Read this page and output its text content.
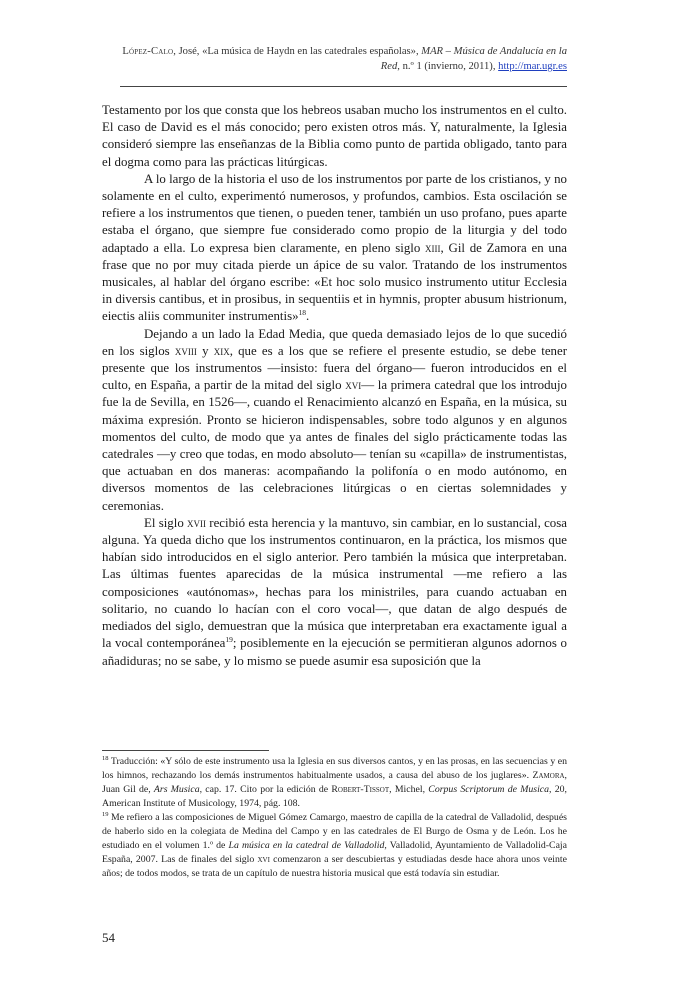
López-Calo, José, «La música de Haydn en las catedrales españolas», MAR – Música de Andalucía en la Red, n.º 1 (invierno, 2011), http://mar.ugr.es

Testamento por los que consta que los hebreos usaban mucho los instrumentos en el culto. El caso de David es el más conocido; pero existen otros más. Y, naturalmente, la Iglesia consideró siempre las enseñanzas de la Biblia como punto de partida obligado, tanto para el dogma como para las prácticas litúrgicas.

A lo largo de la historia el uso de los instrumentos por parte de los cristianos, y no solamente en el culto, experimentó numerosos, y profundos, cambios. Esta oscilación se refiere a los instrumentos que tienen, o pueden tener, también un uso profano, pues aparte estaba el órgano, que siempre fue considerado como propio de la liturgia y del todo adaptado a ella. Lo expresa bien claramente, en pleno siglo xiii, Gil de Zamora en una frase que no por muy citada pierde un ápice de su valor. Tratando de los instrumentos musicales, al hablar del órgano escribe: «Et hoc solo musico instrumento utitur Ecclesia in diversis cantibus, et in prosibus, in sequentiis et in hymnis, propter abusum histrionum, eiectis aliis communiter instrumentis»$^{18}$.

Dejando a un lado la Edad Media, que queda demasiado lejos de lo que sucedió en los siglos xviii y xix, que es a los que se refiere el presente estudio, se debe tener presente que los instrumentos —insisto: fuera del órgano— fueron introducidos en el culto, en España, a partir de la mitad del siglo xvi— la primera catedral que los introdujo fue la de Sevilla, en 1526—, cuando el Renacimiento alcanzó en España, en la música, su máxima expresión. Pronto se hicieron indispensables, sobre todo algunos y en algunos momentos del culto, de modo que ya antes de finales del siglo prácticamente todas las catedrales —y creo que todas, en modo absoluto— tenían su «capilla» de instrumentistas, que actuaban en dos maneras: acompañando la polifonía o en modo autónomo, en diversos momentos de las celebraciones litúrgicas o en ciertas solemnidades y ceremonias.

El siglo xvii recibió esta herencia y la mantuvo, sin cambiar, en lo sustancial, cosa alguna. Ya queda dicho que los instrumentos continuaron, en la práctica, los mismos que habían sido introducidos en el siglo anterior. Pero también la música que interpretaban. Las últimas fuentes aparecidas de la música instrumental —me refiero a las composiciones «autónomas», hechas para los ministriles, para cuando actuaban en solitario, no cuando lo hacían con el coro vocal—, que datan de algo después de mediados del siglo, demuestran que la música que interpretaban era exactamente igual a la vocal contemporánea$^{19}$; posiblemente en la ejecución se permitieran algunos adornos o añadiduras; no se sabe, y lo mismo se puede asumir esa suposición que la

$^{18}$ Traducción: «Y sólo de este instrumento usa la Iglesia en sus diversos cantos, y en las prosas, en las secuencias y en los himnos, rechazando los demás instrumentos habitualmente usados, a causa del abuso de los juglares». Zamora, Juan Gil de, Ars Musica, cap. 17. Cito por la edición de Robert-Tissot, Michel, Corpus Scriptorum de Musica, 20, American Institute of Musicology, 1974, pág. 108.

$^{19}$ Me refiero a las composiciones de Miguel Gómez Camargo, maestro de capilla de la catedral de Valladolid, después de haberlo sido en la colegiata de Medina del Campo y en las catedrales de El Burgo de Osma y de León. Los he estudiado en el volumen 1.º de La música en la catedral de Valladolid, Valladolid, Ayuntamiento de Valladolid-Caja España, 2007. Las de finales del siglo xvi comenzaron a ser descubiertas y estudiadas desde hace ahora unos veinte años; de todos modos, se trata de un capítulo de nuestra historia musical que está todavía sin estudiar.

54
